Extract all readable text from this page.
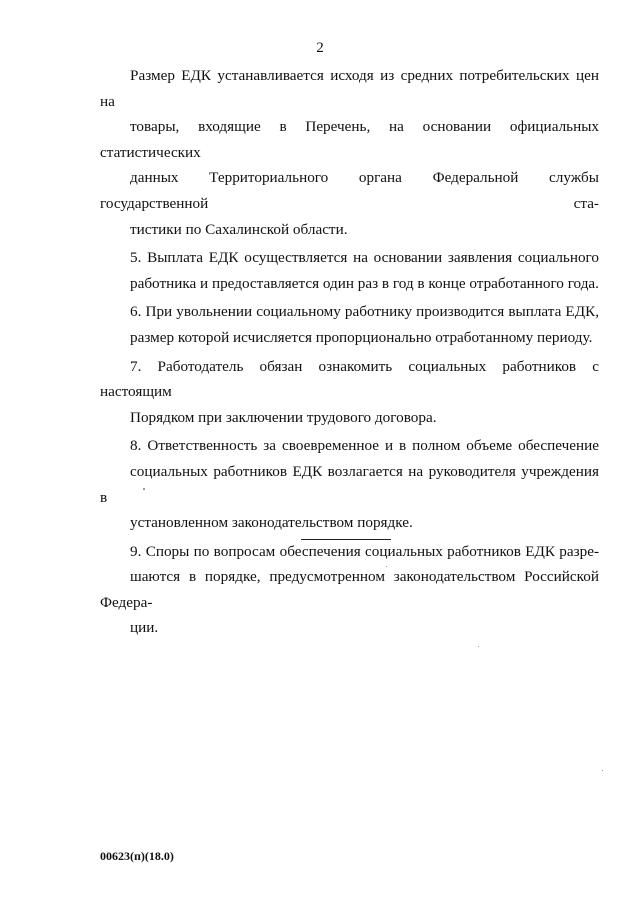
2
Размер ЕДК устанавливается исходя из средних потребительских цен на
товары, входящие в Перечень, на основании официальных статистических
данных Территориального органа Федеральной службы государственной ста-
тистики по Сахалинской области.
5. Выплата ЕДК осуществляется на основании заявления социального
работника и предоставляется один раз в год в конце отработанного года.
6. При увольнении социальному работнику производится выплата ЕДК,
размер которой исчисляется пропорционально отработанному периоду.
7. Работодатель обязан ознакомить социальных работников с настоящим
Порядком при заключении трудового договора.
8. Ответственность за своевременное и в полном объеме обеспечение
социальных работников ЕДК возлагается на руководителя учреждения в
установленном законодательством порядке.
9. Споры по вопросам обеспечения социальных работников ЕДК разре-
шаются в порядке, предусмотренном законодательством Российской Федера-
ции.
00623(п)(18.0)
